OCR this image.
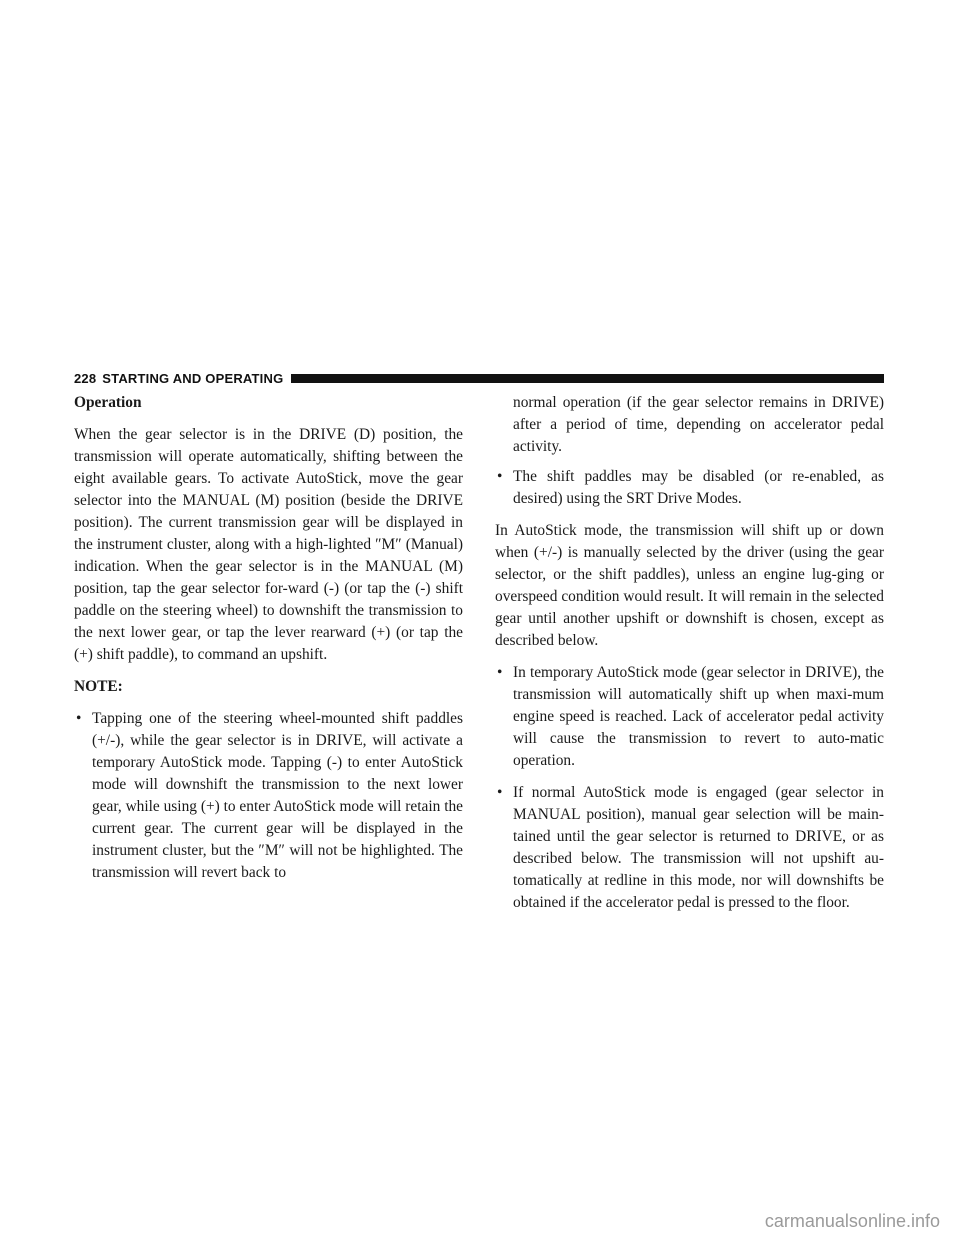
228 STARTING AND OPERATING
Operation

When the gear selector is in the DRIVE (D) position, the transmission will operate automatically, shifting between the eight available gears. To activate AutoStick, move the gear selector into the MANUAL (M) position (beside the DRIVE position). The current transmission gear will be displayed in the instrument cluster, along with a high-lighted ″M″ (Manual) indication. When the gear selector is in the MANUAL (M) position, tap the gear selector for-ward (-) (or tap the (-) shift paddle on the steering wheel) to downshift the transmission to the next lower gear, or tap the lever rearward (+) (or tap the (+) shift paddle), to command an upshift.

NOTE:
• Tapping one of the steering wheel-mounted shift paddles (+/-), while the gear selector is in DRIVE, will activate a temporary AutoStick mode. Tapping (-) to enter AutoStick mode will downshift the transmission to the next lower gear, while using (+) to enter AutoStick mode will retain the current gear. The current gear will be displayed in the instrument cluster, but the ″M″ will not be highlighted. The transmission will revert back to
normal operation (if the gear selector remains in DRIVE) after a period of time, depending on accelerator pedal activity.
• The shift paddles may be disabled (or re-enabled, as desired) using the SRT Drive Modes.

In AutoStick mode, the transmission will shift up or down when (+/-) is manually selected by the driver (using the gear selector, or the shift paddles), unless an engine lug-ging or overspeed condition would result. It will remain in the selected gear until another upshift or downshift is chosen, except as described below.

• In temporary AutoStick mode (gear selector in DRIVE), the transmission will automatically shift up when maxi-mum engine speed is reached. Lack of accelerator pedal activity will cause the transmission to revert to auto-matic operation.
• If normal AutoStick mode is engaged (gear selector in MANUAL position), manual gear selection will be main-tained until the gear selector is returned to DRIVE, or as described below. The transmission will not upshift au-tomatically at redline in this mode, nor will downshifts be obtained if the accelerator pedal is pressed to the floor.
carmanualsonline.info
